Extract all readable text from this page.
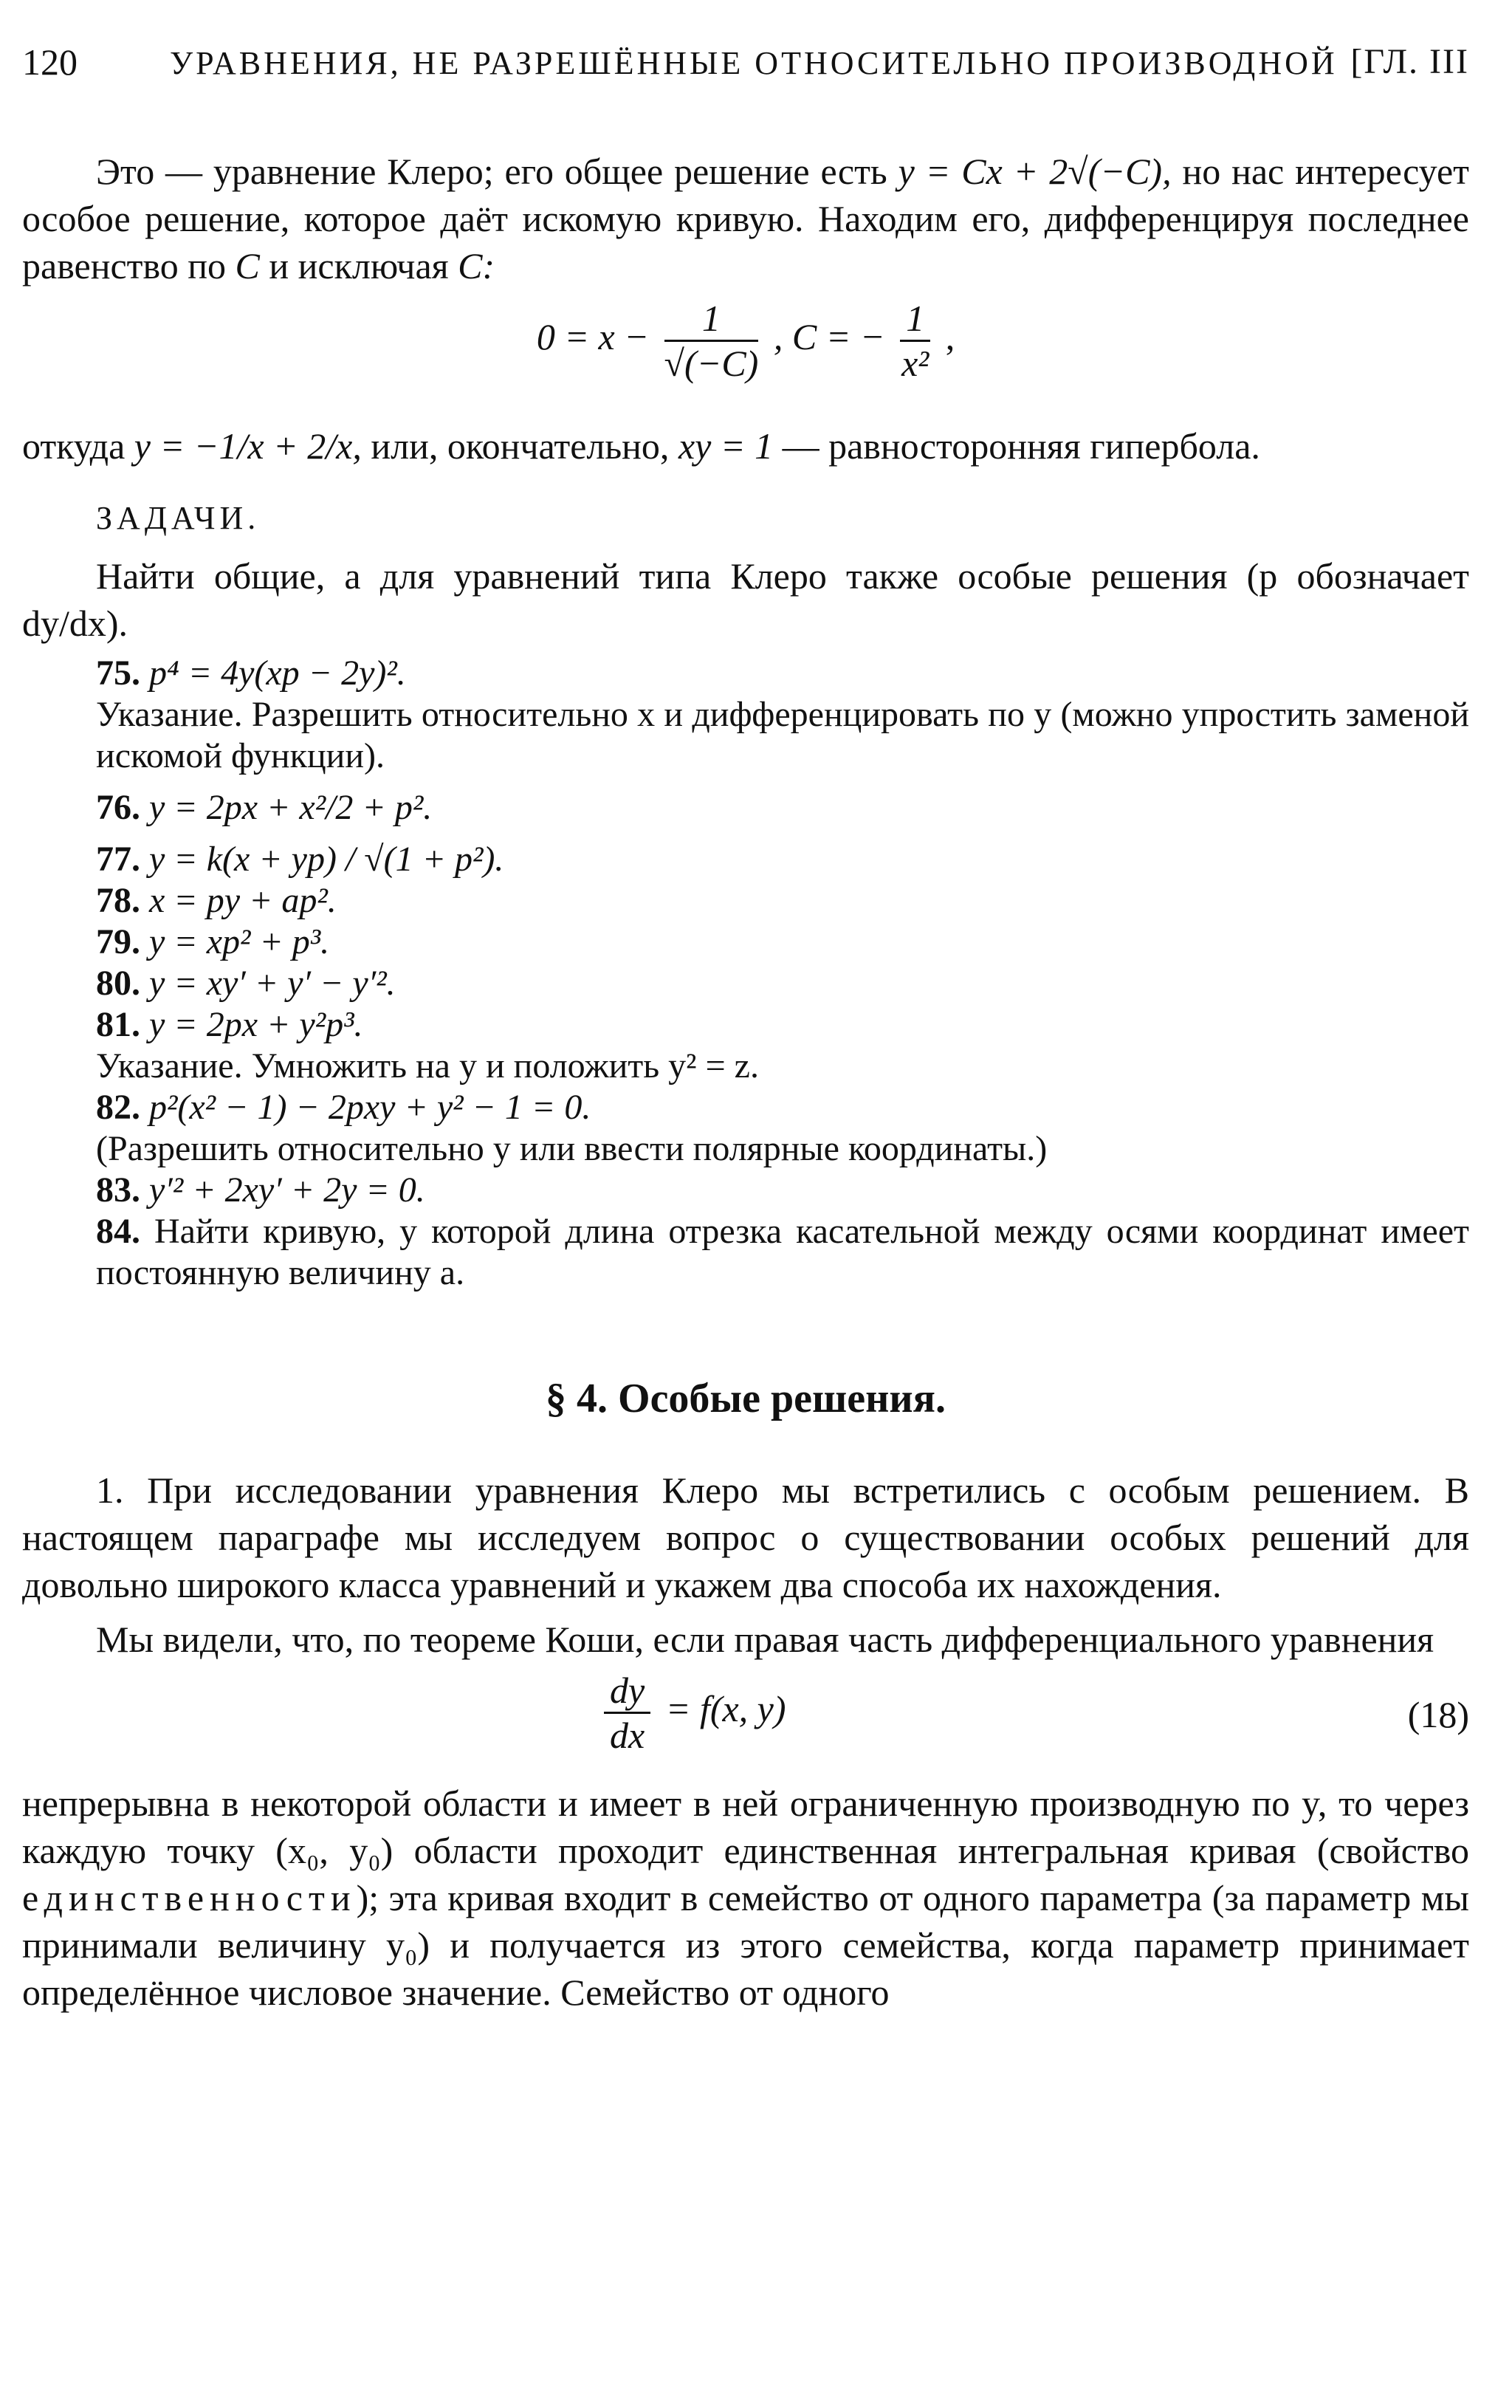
120	УРАВНЕНИЯ, НЕ РАЗРЕШЁННЫЕ ОТНОСИТЕЛЬНО ПРОИЗВОДНОЙ [ГЛ. III

Это — уравнение Клеро; его общее решение есть y = Cx + 2√(−C), но нас интересует особое решение, которое даёт искомую кривую. Находим его, дифференцируя последнее равенство по C и исключая C:

$0 = x - \frac{1}{√(-C)}$ , C = − $\frac{1}{\text{x²}}$ ,

откуда y = −1/x + 2/x, или, окончательно, xy = 1 — равносторонняя гипербола.

ЗАДАЧИ.

Найти общие, а для уравнений типа Клеро также особые решения (p обозначает dy/dx).

75. p⁴ = 4y(xp − 2y)².

Указание. Разрешить относительно x и дифференцировать по y (можно упростить заменой искомой функции).

76. y = 2px + x²/2 + p².

77. y = k(x + yp) / √(1 + p²).

78. x = py + ap².

79. y = xp² + p³.

80. y = xy′ + y′ − y′².

81. y = 2px + y²p³.

Указание. Умножить на y и положить y² = z.

82. p²(x² − 1) − 2pxy + y² − 1 = 0.

(Разрешить относительно y или ввести полярные координаты.)

83. y′² + 2xy′ + 2y = 0.

84. Найти кривую, у которой длина отрезка касательной между осями координат имеет постоянную величину a.

§ 4. Особые решения.

1. При исследовании уравнения Клеро мы встретились с особым решением. В настоящем параграфе мы исследуем вопрос о существовании особых решений для довольно широкого класса уравнений и укажем два способа их нахождения.

Мы видели, что, по теореме Коши, если правая часть дифференциального уравнения

$\frac{dy}{dx} = f(x$, y)	(18)

непрерывна в некоторой области и имеет в ней ограниченную производную по y, то через каждую точку (x₀, y₀) области проходит единственная интегральная кривая (свойство единственности); эта кривая входит в семейство от одного параметра (за параметр мы принимали величину y₀) и получается из этого семейства, когда параметр принимает определённое числовое значение. Семейство от одного
